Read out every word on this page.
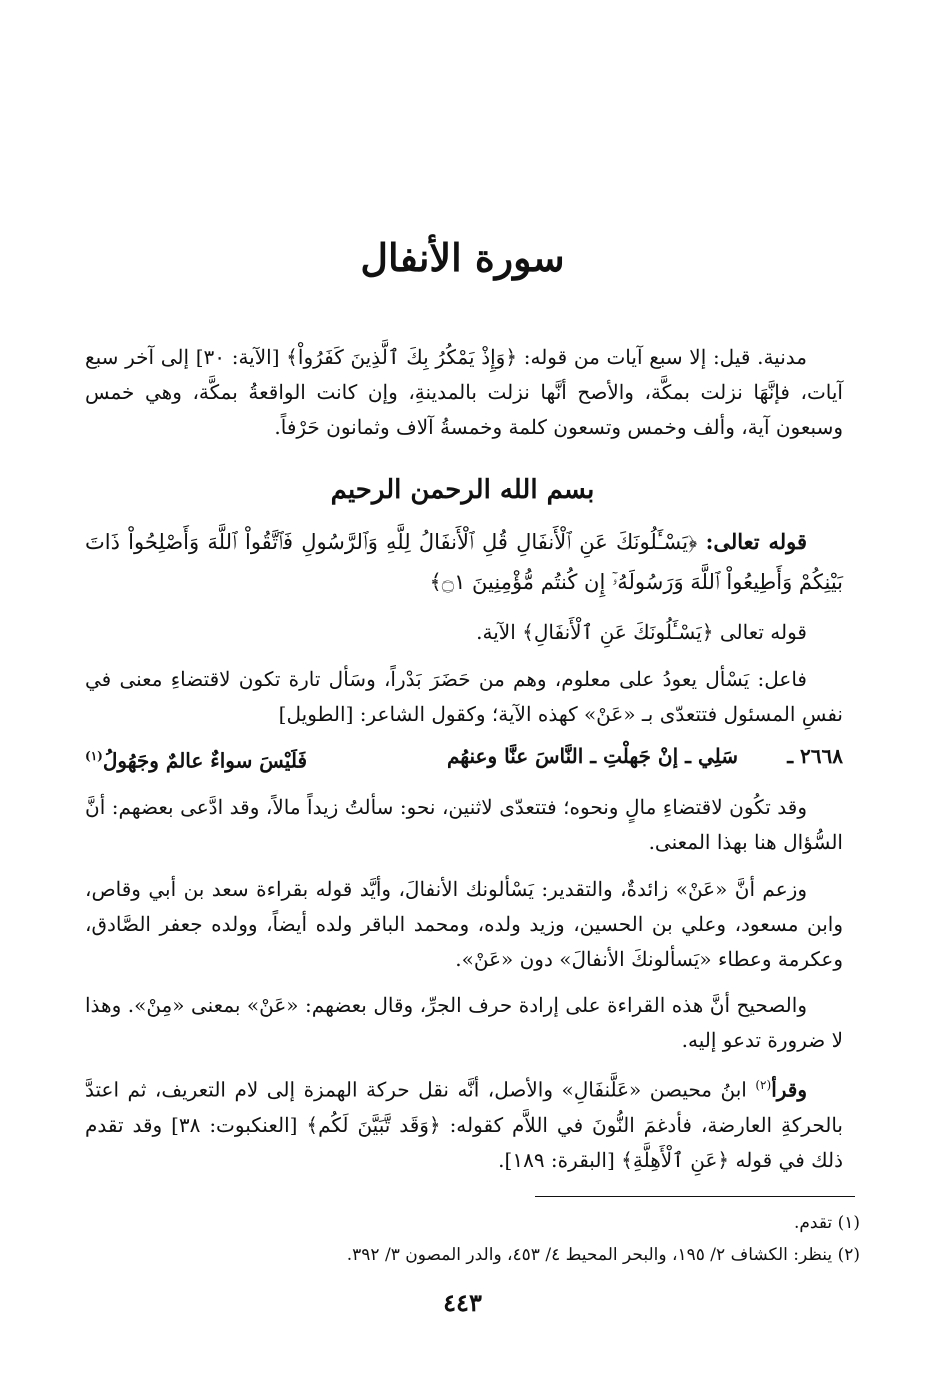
سورة الأنفال

مدنية. قيل: إلا سبع آيات من قوله: ﴿وَإِذْ يَمْكُرُ بِكَ ٱلَّذِينَ كَفَرُواْ﴾ [الآية: ٣٠] إلى آخر سبع آيات، فإنَّهَا نزلت بمكَّة، والأصح أنَّها نزلت بالمدينةِ، وإن كانت الواقعةُ بمكَّة، وهي خمس وسبعون آية، وألف وخمس وتسعون كلمة وخمسةُ آلاف وثمانون حَرْفاً.

بسم الله الرحمن الرحيم

قوله تعالى: ﴿يَسْـَٔلُونَكَ عَنِ ٱلْأَنفَالِ قُلِ ٱلْأَنفَالُ لِلَّهِ وَٱلرَّسُولِ فَٱتَّقُواْ ٱللَّهَ وَأَصْلِحُواْ ذَاتَ بَيْنِكُمْ وَأَطِيعُواْ ٱللَّهَ وَرَسُولَهُۥٓ إِن كُنتُم مُّؤْمِنِينَ ۝١﴾

قوله تعالى ﴿يَسْـَٔلُونَكَ عَنِ ٱلْأَنفَالِ﴾ الآية.

فاعل: يَسْأل يعودُ على معلوم، وهم من حَضَرَ بَدْراً، وسَأل تارة تكون لاقتضاءِ معنى في نفسِ المسئول فتتعدّى بـ «عَنْ» كهذه الآية؛ وكقول الشاعر: [الطويل]

٢٦٦٨ ـ
سَلِي ـ إنْ جَهلْتِ ـ النَّاسَ عنَّا وعنهُم
فَلَيْسَ سواءٌ عالمٌ وجَهُولُ$^{(١)}$

وقد تكُون لاقتضاءِ مالٍ ونحوه؛ فتتعدّى لاثنين، نحو: سألتُ زيداً مالاً، وقد ادَّعى بعضهم: أنَّ السُّؤال هنا بهذا المعنى.

وزعم أنَّ «عَنْ» زائدةٌ، والتقدير: يَسْألونك الأنفالَ، وأيَّد قوله بقراءة سعد بن أبي وقاص، وابن مسعود، وعلي بن الحسين، وزيد ولده، ومحمد الباقر ولده أيضاً، وولده جعفر الصَّادق، وعكرمة وعطاء «يَسألونكَ الأنفالَ» دون «عَنْ».

والصحيح أنَّ هذه القراءة على إرادة حرف الجرِّ، وقال بعضهم: «عَنْ» بمعنى «مِنْ». وهذا لا ضرورة تدعو إليه.

وقرأ$^{(٢)}$ ابنُ محيصن «عَلَّنفَالِ» والأصل، أنَّه نقل حركة الهمزة إلى لام التعريف، ثم اعتدَّ بالحركةِ العارضة، فأدغمَ النُّونَ في اللاَّم كقوله: ﴿وَقَد تَّبَيَّنَ لَكُم﴾ [العنكبوت: ٣٨] وقد تقدم ذلك في قوله ﴿عَنِ ٱلْأَهِلَّةِ﴾ [البقرة: ١٨٩].

(١) تقدم.
(٢) ينظر: الكشاف ٢/ ١٩٥، والبحر المحيط ٤/ ٤٥٣، والدر المصون ٣/ ٣٩٢.
٤٤٣
